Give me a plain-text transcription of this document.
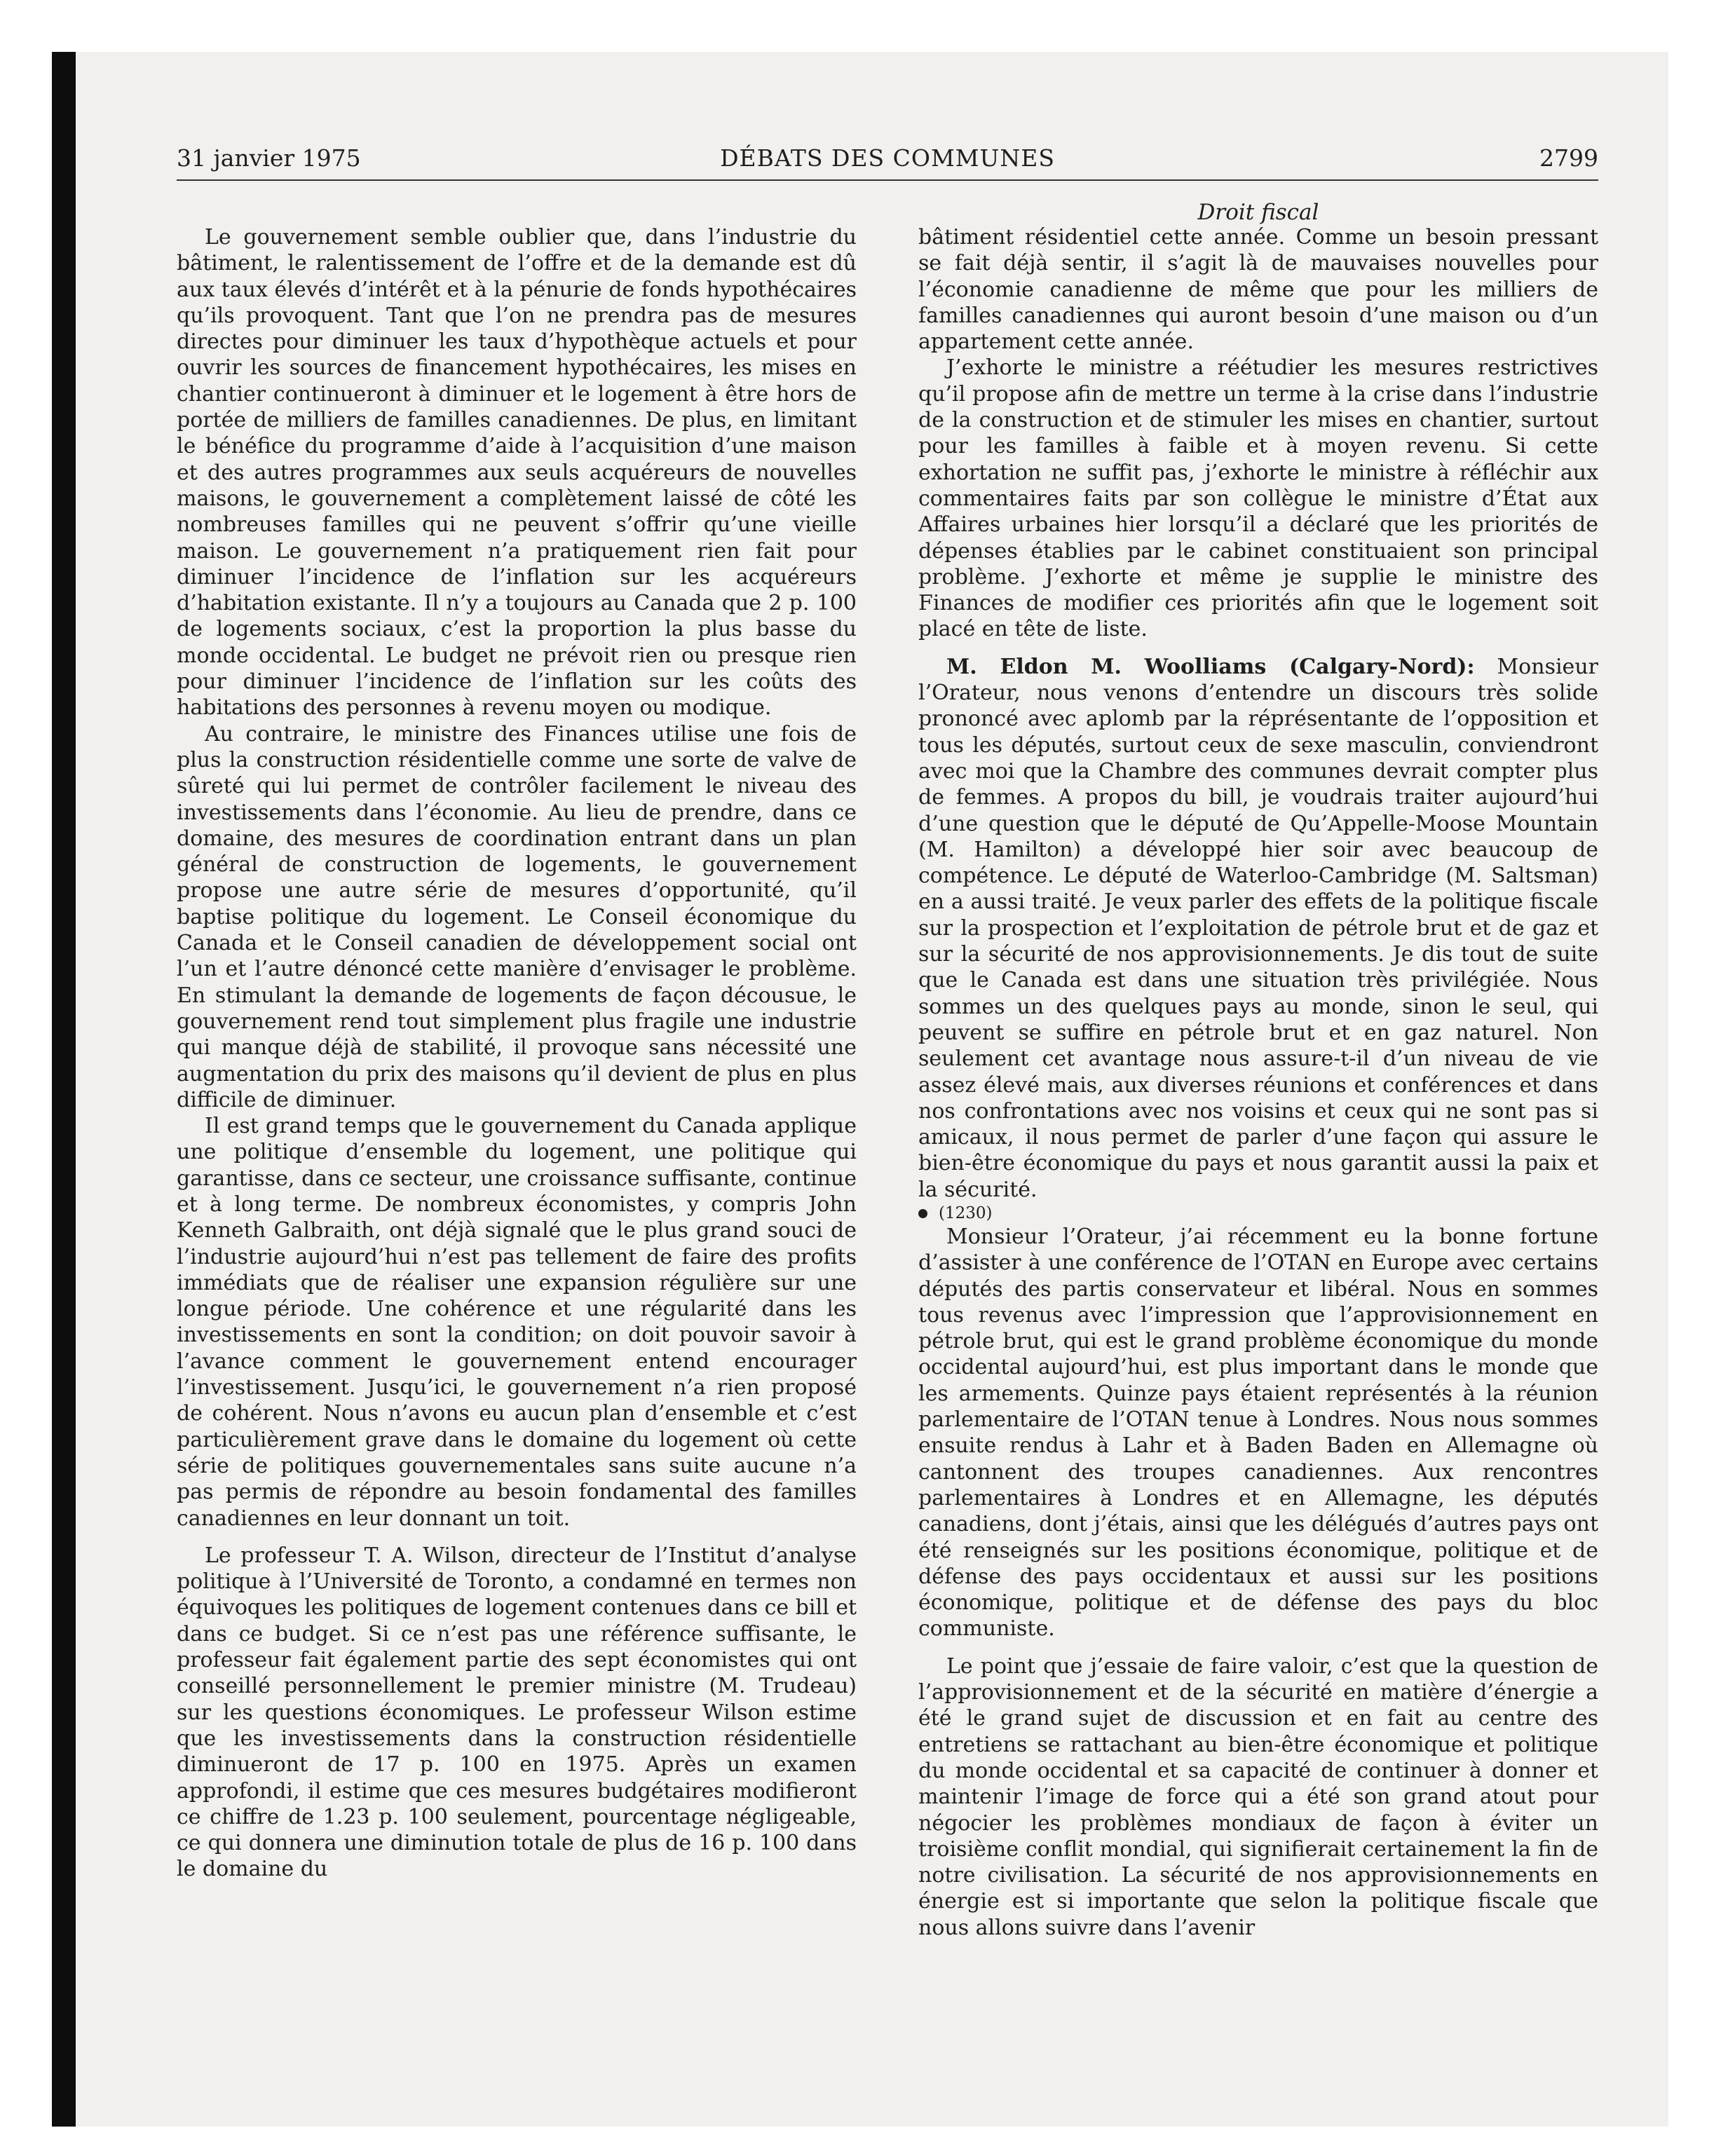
31 janvier 1975	DÉBATS DES COMMUNES	2799

Le gouvernement semble oublier que, dans l’industrie du bâtiment, le ralentissement de l’offre et de la demande est dû aux taux élevés d’intérêt et à la pénurie de fonds hypothécaires qu’ils provoquent. Tant que l’on ne prendra pas de mesures directes pour diminuer les taux d’hypothèque actuels et pour ouvrir les sources de financement hypothécaires, les mises en chantier continueront à diminuer et le logement à être hors de portée de milliers de familles canadiennes. De plus, en limitant le bénéfice du programme d’aide à l’acquisition d’une maison et des autres programmes aux seuls acquéreurs de nouvelles maisons, le gouvernement a complètement laissé de côté les nombreuses familles qui ne peuvent s’offrir qu’une vieille maison. Le gouvernement n’a pratiquement rien fait pour diminuer l’incidence de l’inflation sur les acquéreurs d’habitation existante. Il n’y a toujours au Canada que 2 p. 100 de logements sociaux, c’est la proportion la plus basse du monde occidental. Le budget ne prévoit rien ou presque rien pour diminuer l’incidence de l’inflation sur les coûts des habitations des personnes à revenu moyen ou modique.

Au contraire, le ministre des Finances utilise une fois de plus la construction résidentielle comme une sorte de valve de sûreté qui lui permet de contrôler facilement le niveau des investissements dans l’économie. Au lieu de prendre, dans ce domaine, des mesures de coordination entrant dans un plan général de construction de logements, le gouvernement propose une autre série de mesures d’opportunité, qu’il baptise politique du logement. Le Conseil économique du Canada et le Conseil canadien de développement social ont l’un et l’autre dénoncé cette manière d’envisager le problème. En stimulant la demande de logements de façon décousue, le gouvernement rend tout simplement plus fragile une industrie qui manque déjà de stabilité, il provoque sans nécessité une augmentation du prix des maisons qu’il devient de plus en plus difficile de diminuer.

Il est grand temps que le gouvernement du Canada applique une politique d’ensemble du logement, une politique qui garantisse, dans ce secteur, une croissance suffisante, continue et à long terme. De nombreux économistes, y compris John Kenneth Galbraith, ont déjà signalé que le plus grand souci de l’industrie aujourd’hui n’est pas tellement de faire des profits immédiats que de réaliser une expansion régulière sur une longue période. Une cohérence et une régularité dans les investissements en sont la condition; on doit pouvoir savoir à l’avance comment le gouvernement entend encourager l’investissement. Jusqu’ici, le gouvernement n’a rien proposé de cohérent. Nous n’avons eu aucun plan d’ensemble et c’est particulièrement grave dans le domaine du logement où cette série de politiques gouvernementales sans suite aucune n’a pas permis de répondre au besoin fondamental des familles canadiennes en leur donnant un toit.

Le professeur T. A. Wilson, directeur de l’Institut d’analyse politique à l’Université de Toronto, a condamné en termes non équivoques les politiques de logement contenues dans ce bill et dans ce budget. Si ce n’est pas une référence suffisante, le professeur fait également partie des sept économistes qui ont conseillé personnellement le premier ministre (M. Trudeau) sur les questions économiques. Le professeur Wilson estime que les investissements dans la construction résidentielle diminueront de 17 p. 100 en 1975. Après un examen approfondi, il estime que ces mesures budgétaires modifieront ce chiffre de 1.23 p. 100 seulement, pourcentage négligeable, ce qui donnera une diminution totale de plus de 16 p. 100 dans le domaine du

Droit fiscal

bâtiment résidentiel cette année. Comme un besoin pressant se fait déjà sentir, il s’agit là de mauvaises nouvelles pour l’économie canadienne de même que pour les milliers de familles canadiennes qui auront besoin d’une maison ou d’un appartement cette année.

J’exhorte le ministre a réétudier les mesures restrictives qu’il propose afin de mettre un terme à la crise dans l’industrie de la construction et de stimuler les mises en chantier, surtout pour les familles à faible et à moyen revenu. Si cette exhortation ne suffit pas, j’exhorte le ministre à réfléchir aux commentaires faits par son collègue le ministre d’État aux Affaires urbaines hier lorsqu’il a déclaré que les priorités de dépenses établies par le cabinet constituaient son principal problème. J’exhorte et même je supplie le ministre des Finances de modifier ces priorités afin que le logement soit placé en tête de liste.

M. Eldon M. Woolliams (Calgary-Nord): Monsieur l’Orateur, nous venons d’entendre un discours très solide prononcé avec aplomb par la réprésentante de l’opposition et tous les députés, surtout ceux de sexe masculin, conviendront avec moi que la Chambre des communes devrait compter plus de femmes. A propos du bill, je voudrais traiter aujourd’hui d’une question que le député de Qu’Appelle-Moose Mountain (M. Hamilton) a développé hier soir avec beaucoup de compétence. Le député de Waterloo-Cambridge (M. Saltsman) en a aussi traité. Je veux parler des effets de la politique fiscale sur la prospection et l’exploitation de pétrole brut et de gaz et sur la sécurité de nos approvisionnements. Je dis tout de suite que le Canada est dans une situation très privilégiée. Nous sommes un des quelques pays au monde, sinon le seul, qui peuvent se suffire en pétrole brut et en gaz naturel. Non seulement cet avantage nous assure-t-il d’un niveau de vie assez élevé mais, aux diverses réunions et conférences et dans nos confrontations avec nos voisins et ceux qui ne sont pas si amicaux, il nous permet de parler d’une façon qui assure le bien-être économique du pays et nous garantit aussi la paix et la sécurité.

(1230)

Monsieur l’Orateur, j’ai récemment eu la bonne fortune d’assister à une conférence de l’OTAN en Europe avec certains députés des partis conservateur et libéral. Nous en sommes tous revenus avec l’impression que l’approvisionnement en pétrole brut, qui est le grand problème économique du monde occidental aujourd’hui, est plus important dans le monde que les armements. Quinze pays étaient représentés à la réunion parlementaire de l’OTAN tenue à Londres. Nous nous sommes ensuite rendus à Lahr et à Baden Baden en Allemagne où cantonnent des troupes canadiennes. Aux rencontres parlementaires à Londres et en Allemagne, les députés canadiens, dont j’étais, ainsi que les délégués d’autres pays ont été renseignés sur les positions économique, politique et de défense des pays occidentaux et aussi sur les positions économique, politique et de défense des pays du bloc communiste.

Le point que j’essaie de faire valoir, c’est que la question de l’approvisionnement et de la sécurité en matière d’énergie a été le grand sujet de discussion et en fait au centre des entretiens se rattachant au bien-être économique et politique du monde occidental et sa capacité de continuer à donner et maintenir l’image de force qui a été son grand atout pour négocier les problèmes mondiaux de façon à éviter un troisième conflit mondial, qui signifierait certainement la fin de notre civilisation. La sécurité de nos approvisionnements en énergie est si importante que selon la politique fiscale que nous allons suivre dans l’avenir
